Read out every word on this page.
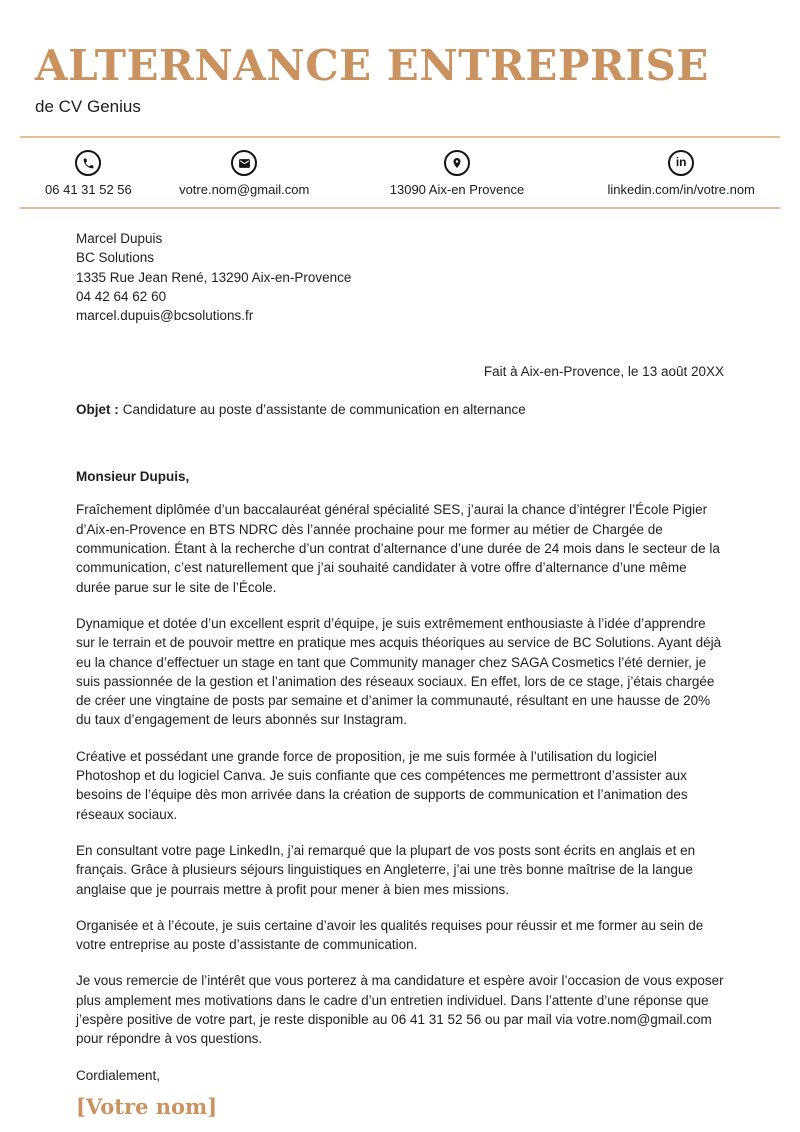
ALTERNANCE ENTREPRISE
de CV Genius
06 41 31 52 56	votre.nom@gmail.com	13090 Aix-en Provence
in
linkedin.com/in/votre.nom
Marcel Dupuis
BC Solutions
1335 Rue Jean René, 13290 Aix-en-Provence
04 42 64 62 60
marcel.dupuis@bcsolutions.fr
Fait à Aix-en-Provence, le 13 août 20XX
Objet : Candidature au poste d’assistante de communication en alternance
Monsieur Dupuis,

Fraîchement diplômée d’un baccalauréat général spécialité SES, j’aurai la chance d’intégrer l’École Pigier d’Aix-en-Provence en BTS NDRC dès l’année prochaine pour me former au métier de Chargée de communication. Étant à la recherche d’un contrat d’alternance d’une durée de 24 mois dans le secteur de la communication, c’est naturellement que j’ai souhaité candidater à votre offre d’alternance d’une même durée parue sur le site de l’École.

Dynamique et dotée d’un excellent esprit d’équipe, je suis extrêmement enthousiaste à l’idée d’apprendre sur le terrain et de pouvoir mettre en pratique mes acquis théoriques au service de BC Solutions. Ayant déjà eu la chance d’effectuer un stage en tant que Community manager chez SAGA Cosmetics l’été dernier, je suis passionnée de la gestion et l’animation des réseaux sociaux. En effet, lors de ce stage, j’étais chargée de créer une vingtaine de posts par semaine et d’animer la communauté, résultant en une hausse de 20% du taux d’engagement de leurs abonnés sur Instagram.

Créative et possédant une grande force de proposition, je me suis formée à l’utilisation du logiciel Photoshop et du logiciel Canva. Je suis confiante que ces compétences me permettront d’assister aux besoins de l’équipe dès mon arrivée dans la création de supports de communication et l’animation des réseaux sociaux.

En consultant votre page LinkedIn, j’ai remarqué que la plupart de vos posts sont écrits en anglais et en français. Grâce à plusieurs séjours linguistiques en Angleterre, j’ai une très bonne maîtrise de la langue anglaise que je pourrais mettre à profit pour mener à bien mes missions.

Organisée et à l’écoute, je suis certaine d’avoir les qualités requises pour réussir et me former au sein de votre entreprise au poste d’assistante de communication.

Je vous remercie de l’intérêt que vous porterez à ma candidature et espère avoir l’occasion de vous exposer plus amplement mes motivations dans le cadre d’un entretien individuel. Dans l’attente d’une réponse que j’espère positive de votre part, je reste disponible au 06 41 31 52 56 ou par mail via votre.nom@gmail.com pour répondre à vos questions.

Cordialement,
[Votre nom]
